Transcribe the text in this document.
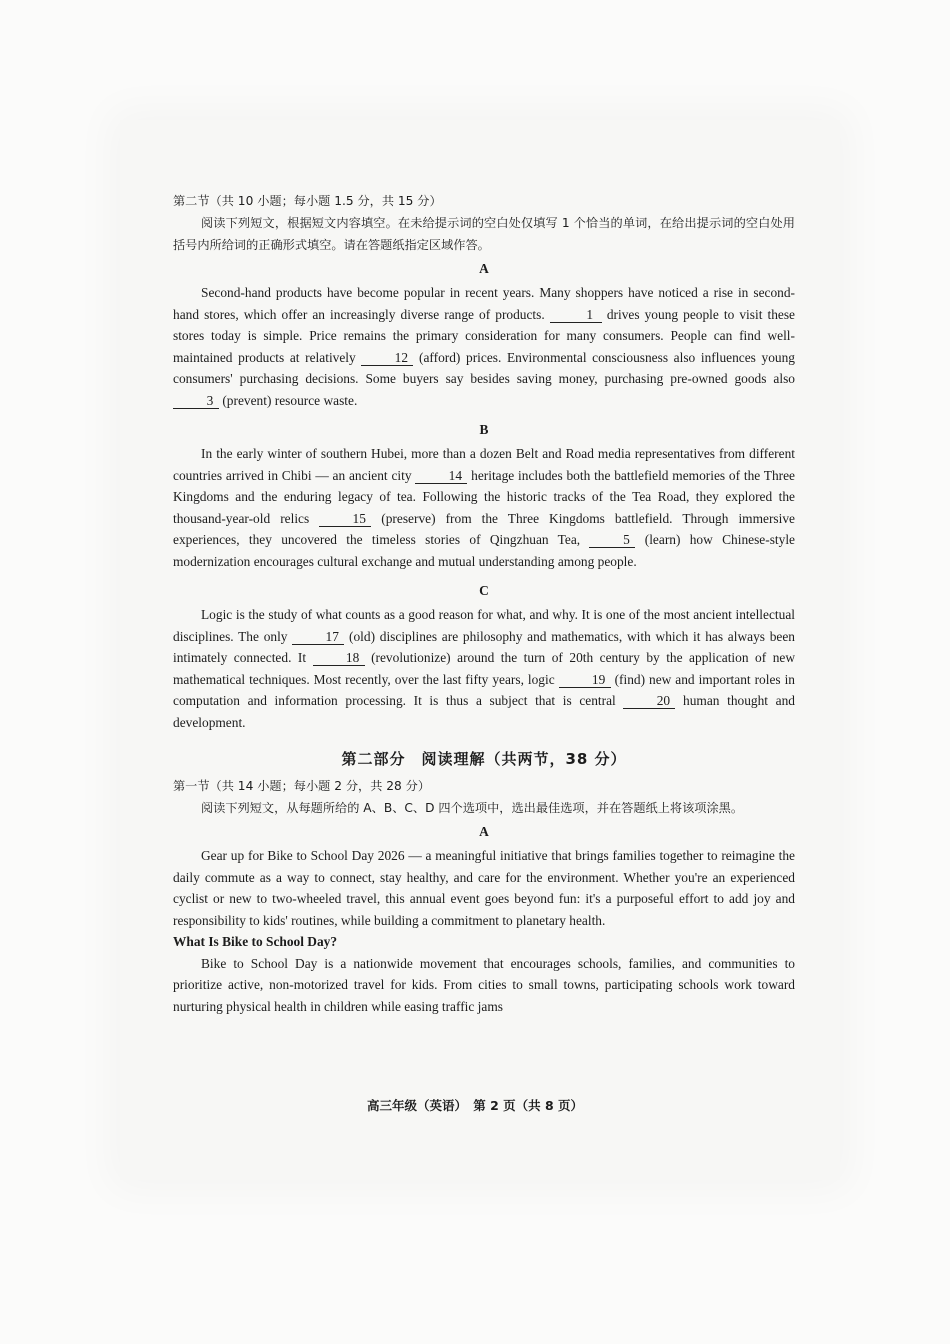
第二节（共 10 小题；每小题 1.5 分，共 15 分）

阅读下列短文，根据短文内容填空。在未给提示词的空白处仅填写 1 个恰当的单词，在给出提示词的空白处用括号内所给词的正确形式填空。请在答题纸指定区域作答。

A

Second-hand products have become popular in recent years. Many shoppers have noticed a rise in second-hand stores, which offer an increasingly diverse range of products.	1 drives young people to visit these stores today is simple. Price remains the primary consideration for many consumers. People can find well-maintained products at relatively 12 (afford) prices. Environmental consciousness also influences young consumers' purchasing decisions. Some buyers say besides saving money, purchasing pre-owned goods also 3 (prevent) resource waste.

B

In the early winter of southern Hubei, more than a dozen Belt and Road media representatives from different countries arrived in Chibi — an ancient city 14 heritage includes both the battlefield memories of the Three Kingdoms and the enduring legacy of tea. Following the historic tracks of the Tea Road, they explored the thousand-year-old relics 15 (preserve) from the Three Kingdoms battlefield. Through immersive experiences, they uncovered the timeless stories of Qingzhuan Tea,	5 (learn) how Chinese-style modernization encourages cultural exchange and mutual understanding among people.

C

Logic is the study of what counts as a good reason for what, and why. It is one of the most ancient intellectual disciplines. The only 17 (old) disciplines are philosophy and mathematics, with which it has always been intimately connected. It 18 (revolutionize) around the turn of 20th century by the application of new mathematical techniques. Most recently, over the last fifty years, logic 19 (find) new and important roles in computation and information processing. It is thus a subject that is central 20 human thought and development.

第二部分　阅读理解（共两节，38 分）

第一节（共 14 小题；每小题 2 分，共 28 分）

阅读下列短文，从每题所给的 A、B、C、D 四个选项中，选出最佳选项，并在答题纸上将该项涂黑。

A

Gear up for Bike to School Day 2026 — a meaningful initiative that brings families together to reimagine the daily commute as a way to connect, stay healthy, and care for the environment. Whether you're an experienced cyclist or new to two-wheeled travel, this annual event goes beyond fun: it's a purposeful effort to add joy and responsibility to kids' routines, while building a commitment to planetary health.

What Is Bike to School Day?

Bike to School Day is a nationwide movement that encourages schools, families, and communities to prioritize active, non-motorized travel for kids. From cities to small towns, participating schools work toward nurturing physical health in children while easing traffic jams

高三年级（英语）　第 2 页（共 8 页）
